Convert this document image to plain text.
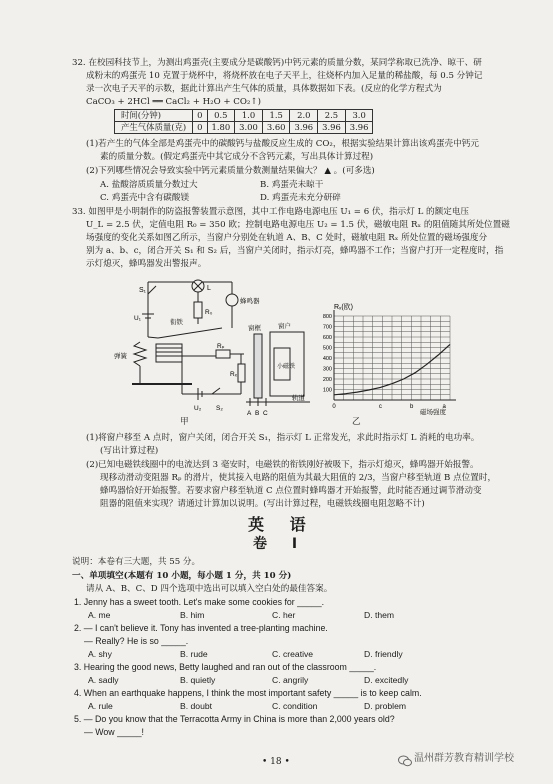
32. 在校园科技节上，为测出鸡蛋壳(主要成分是碳酸钙)中钙元素的质量分数，某同学称取已洗净、晾干、研
成粉末的鸡蛋壳 10 克置于烧杯中，将烧杯放在电子天平上，往烧杯内加入足量的稀盐酸，每 0.5 分钟记
录一次电子天平的示数，据此计算出产生气体的质量，具体数据如下表。(反应的化学方程式为
CaCO₃ + 2HCl ══ CaCl₂ + H₂O + CO₂↑)
时间(分钟)	0	0.5	1.0	1.5	2.0	2.5	3.0
产生气体质量(克)	0	1.80	3.00	3.60	3.96	3.96	3.96
(1)若产生的气体全部是鸡蛋壳中的碳酸钙与盐酸反应生成的 CO₂，根据实验结果计算出该鸡蛋壳中钙元
素的质量分数。(假定鸡蛋壳中其它成分不含钙元素，写出具体计算过程)
(2)下列哪些情况会导致实验中钙元素质量分数测量结果偏大？ ▲ 。(可多选)
A. 盐酸溶质质量分数过大	B. 鸡蛋壳未晾干
C. 鸡蛋壳中含有碳酸镁	D. 鸡蛋壳未充分研碎
33. 如图甲是小明制作的防盗报警装置示意图，其中工作电路电源电压 U₁ = 6 伏，指示灯 L 的额定电压
U_L = 2.5 伏，定值电阻 R₀ = 350 欧；控制电路电源电压 U₂ = 1.5 伏，磁敏电阻 Rₓ 的阻值随其所处位置磁
场强度的变化关系如图乙所示，当窗户分别处在轨道 A、B、C 处时，磁敏电阻 Rₓ 所处位置的磁场强度分
别为 a、b、c，闭合开关 S₁ 和 S₂ 后，当窗户关闭时，指示灯亮，蜂鸣器不工作；当窗户打开一定程度时，指
示灯熄灭，蜂鸣器发出警报声。
S₁	L
蜂鸣器
R₀
衔铁
U₁
弹簧
Rₚ
Rₓ
U₂ S₂
窗框	窗户
小磁铁
轨道
A B C
甲
100
200
300
400
500
600
700
800
0	c	b	a
Rₓ(欧)
磁场强度
乙
(1)将窗户移至 A 点时，窗户关闭，闭合开关 S₁，指示灯 L 正常发光，求此时指示灯 L 消耗的电功率。
(写出计算过程)
(2)已知电磁铁线圈中的电流达到 3 毫安时，电磁铁的衔铁刚好被吸下，指示灯熄灭，蜂鸣器开始报警。
现移动滑动变阻器 Rₚ 的滑片，使其接入电路的阻值为其最大阻值的 2/3，当窗户移至轨道 B 点位置时，
蜂鸣器恰好开始报警。若要求窗户移至轨道 C 点位置时蜂鸣器才开始报警，此时能否通过调节滑动变
阻器的阻值来实现？请通过计算加以说明。(写出计算过程，电磁铁线圈电阻忽略不计)
英 语
卷 Ⅰ
说明：本卷有三大题，共 55 分。
一、单项填空(本题有 10 小题，每小题 1 分，共 10 分)
请从 A、B、C、D 四个选项中选出可以填入空白处的最佳答案。
1. Jenny has a sweet tooth. Let's make some cookies for _____.
A. me	B. him	C. her	D. them
2. — I can't believe it. Tony has invented a tree-planting machine.
— Really? He is so _____.
A. shy	B. rude	C. creative	D. friendly
3. Hearing the good news, Betty laughed and ran out of the classroom _____.
A. sadly	B. quietly	C. angrily	D. excitedly
4. When an earthquake happens, I think the most important safety _____ is to keep calm.
A. rule	B. doubt	C. condition	D. problem
5. — Do you know that the Terracotta Army in China is more than 2,000 years old?
— Wow _____!
• 18 •	温州群芳教育精训学校
